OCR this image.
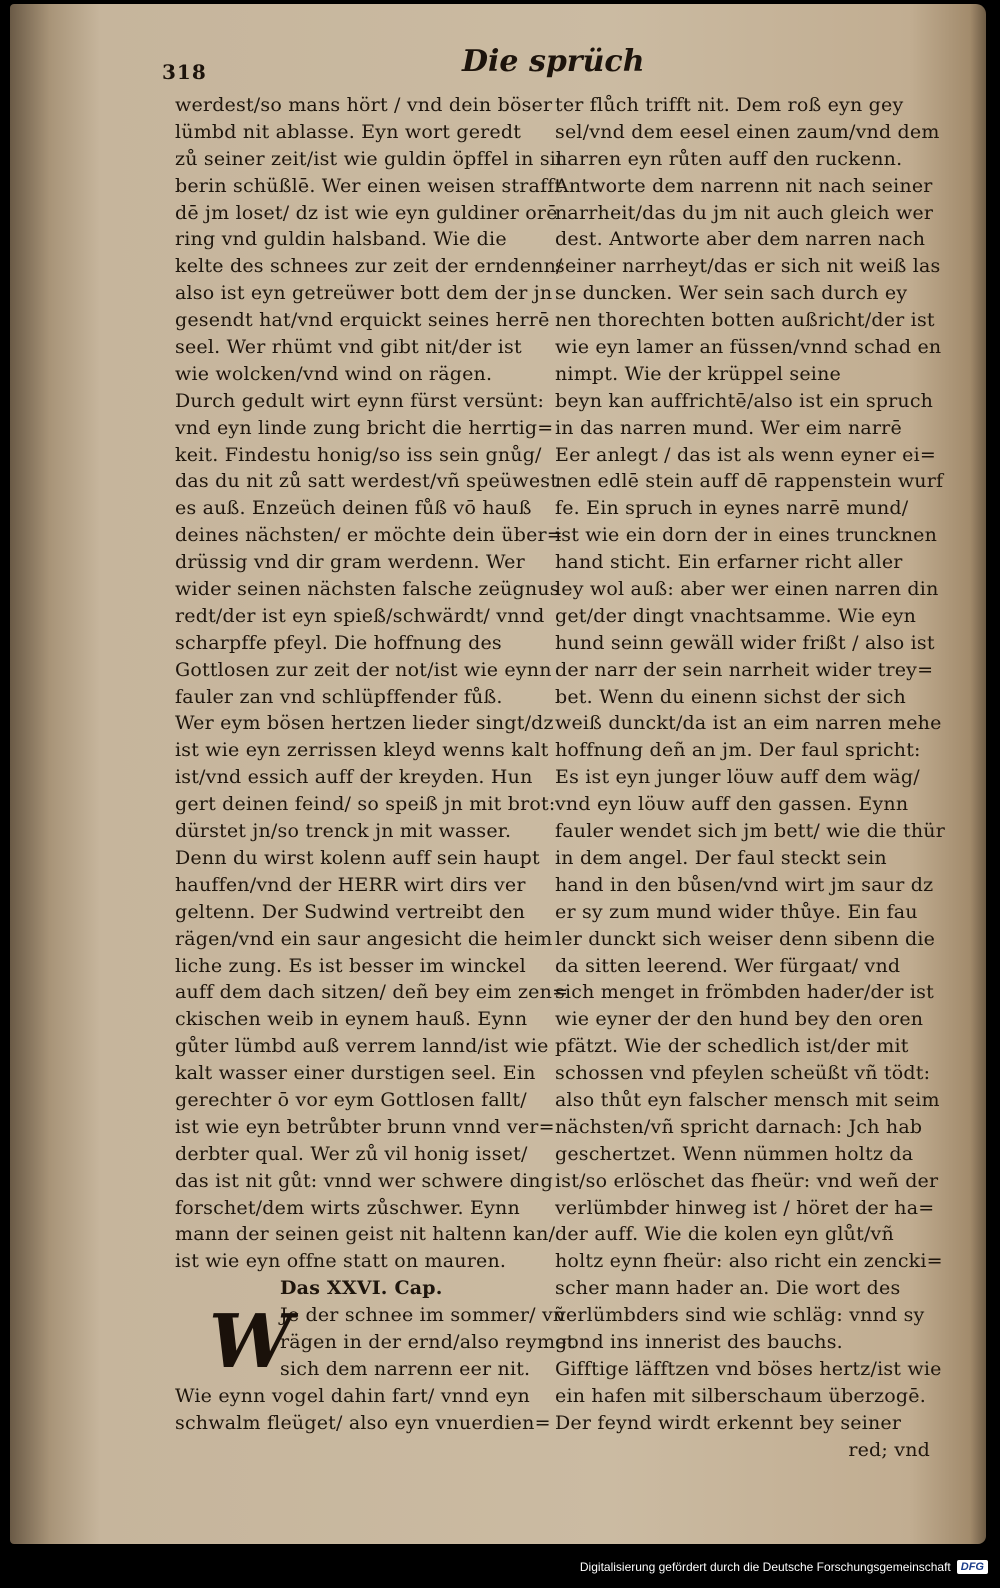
318	Die sprüch
werdest/so mans hört / vnd dein böser
lümbd nit ablasse. Eyn wort geredt
zů seiner zeit/ist wie guldin öpffel in sil
berin schüßlē. Wer einen weisen strafft
dē jm loset/ dz ist wie eyn guldiner orē
ring vnd guldin halsband. Wie die
kelte des schnees zur zeit der erndenn/
also ist eyn getreüwer bott dem der jn
gesendt hat/vnd erquickt seines herrē
seel. Wer rhümt vnd gibt nit/der ist
wie wolcken/vnd wind on rägen.
Durch gedult wirt eynn fürst versünt:
vnd eyn linde zung bricht die herrtig=
keit. Findestu honig/so iss sein gnůg/
das du nit zů satt werdest/vñ speüwest
es auß. Enzeüch deinen fůß vō hauß
deines nächsten/ er möchte dein über=
drüssig vnd dir gram werdenn. Wer
wider seinen nächsten falsche zeügnus
redt/der ist eyn spieß/schwärdt/ vnnd
scharpffe pfeyl. Die hoffnung des
Gottlosen zur zeit der not/ist wie eynn
fauler zan vnd schlüpffender fůß.
Wer eym bösen hertzen lieder singt/dz
ist wie eyn zerrissen kleyd wenns kalt
ist/vnd essich auff der kreyden. Hun
gert deinen feind/ so speiß jn mit brot:
dürstet jn/so trenck jn mit wasser.
Denn du wirst kolenn auff sein haupt
hauffen/vnd der HERR wirt dirs ver
geltenn. Der Sudwind vertreibt den
rägen/vnd ein saur angesicht die heim
liche zung. Es ist besser im winckel
auff dem dach sitzen/ deñ bey eim zen=
ckischen weib in eynem hauß. Eynn
gůter lümbd auß verrem lannd/ist wie
kalt wasser einer durstigen seel. Ein
gerechter ō vor eym Gottlosen fallt/
ist wie eyn betrůbter brunn vnnd ver=
derbter qual. Wer zů vil honig isset/
das ist nit gůt: vnnd wer schwere ding
forschet/dem wirts zůschwer. Eynn
mann der seinen geist nit haltenn kan/
ist wie eyn offne statt on mauren.
Das XXVI. Cap.
W
Je der schnee im sommer/ vñ
rägen in der ernd/also reymet
sich dem narrenn eer nit.
Wie eynn vogel dahin fart/ vnnd eyn
schwalm fleüget/ also eyn vnuerdien=
ter flůch trifft nit. Dem roß eyn gey
sel/vnd dem eesel einen zaum/vnd dem
narren eyn růten auff den ruckenn.
Antworte dem narrenn nit nach seiner
narrheit/das du jm nit auch gleich wer
dest. Antworte aber dem narren nach
seiner narrheyt/das er sich nit weiß las
se duncken. Wer sein sach durch ey
nen thorechten botten außricht/der ist
wie eyn lamer an füssen/vnnd schad en
nimpt. Wie der krüppel seine
beyn kan auffrichtē/also ist ein spruch
in das narren mund. Wer eim narrē
Eer anlegt / das ist als wenn eyner ei=
nen edlē stein auff dē rappenstein wurf
fe. Ein spruch in eynes narrē mund/
ist wie ein dorn der in eines truncknen
hand sticht. Ein erfarner richt aller
ley wol auß: aber wer einen narren din
get/der dingt vnachtsamme. Wie eyn
hund seinn gewäll wider frißt / also ist
der narr der sein narrheit wider trey=
bet. Wenn du einenn sichst der sich
weiß dunckt/da ist an eim narren mehe
hoffnung deñ an jm. Der faul spricht:
Es ist eyn junger löuw auff dem wäg/
vnd eyn löuw auff den gassen. Eynn
fauler wendet sich jm bett/ wie die thür
in dem angel. Der faul steckt sein
hand in den bůsen/vnd wirt jm saur dz
er sy zum mund wider thůye. Ein fau
ler dunckt sich weiser denn sibenn die
da sitten leerend. Wer fürgaat/ vnd
sich menget in frömbden hader/der ist
wie eyner der den hund bey den oren
pfätzt. Wie der schedlich ist/der mit
schossen vnd pfeylen scheüßt vñ tödt:
also thůt eyn falscher mensch mit seim
nächsten/vñ spricht darnach: Jch hab
geschertzet. Wenn nümmen holtz da
ist/so erlöschet das fheür: vnd weñ der
verlümbder hinweg ist / höret der ha=
der auff. Wie die kolen eyn glůt/vñ
holtz eynn fheür: also richt ein zencki=
scher mann hader an. Die wort des
verlümbders sind wie schläg: vnnd sy
gond ins innerist des bauchs.
Gifftige läfftzen vnd böses hertz/ist wie
ein hafen mit silberschaum überzogē.
Der feynd wirdt erkennt bey seiner
red; vnd
Digitalisierung gefördert durch die Deutsche Forschungsgemeinschaft DFG
